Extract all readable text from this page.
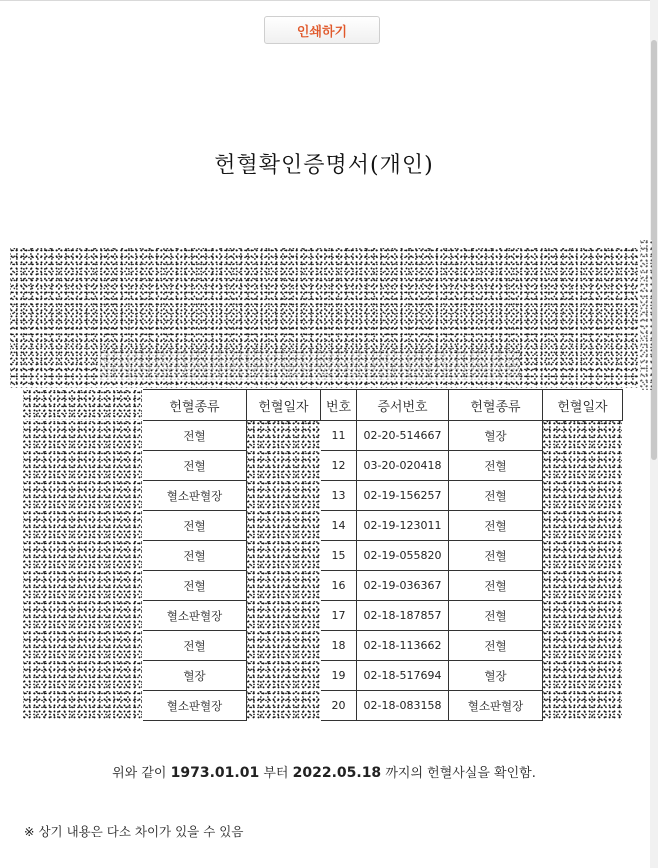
인쇄하기
헌혈확인증명서(개인)
	헌혈종류	헌혈일자	번호	증서번호	헌혈종류	헌혈일자

	전혈		11	02-20-514667	혈장	

	전혈		12	03-20-020418	전혈	

	혈소판혈장		13	02-19-156257	전혈	

	전혈		14	02-19-123011	전혈	

	전혈		15	02-19-055820	전혈	

	전혈		16	02-19-036367	전혈	

	혈소판혈장		17	02-18-187857	전혈	

	전혈		18	02-18-113662	전혈	

	혈장		19	02-18-517694	혈장	

	혈소판혈장		20	02-18-083158	혈소판혈장	
위와 같이 1973.01.01 부터 2022.05.18 까지의 헌혈사실을 확인함.
※ 상기 내용은 다소 차이가 있을 수 있음
